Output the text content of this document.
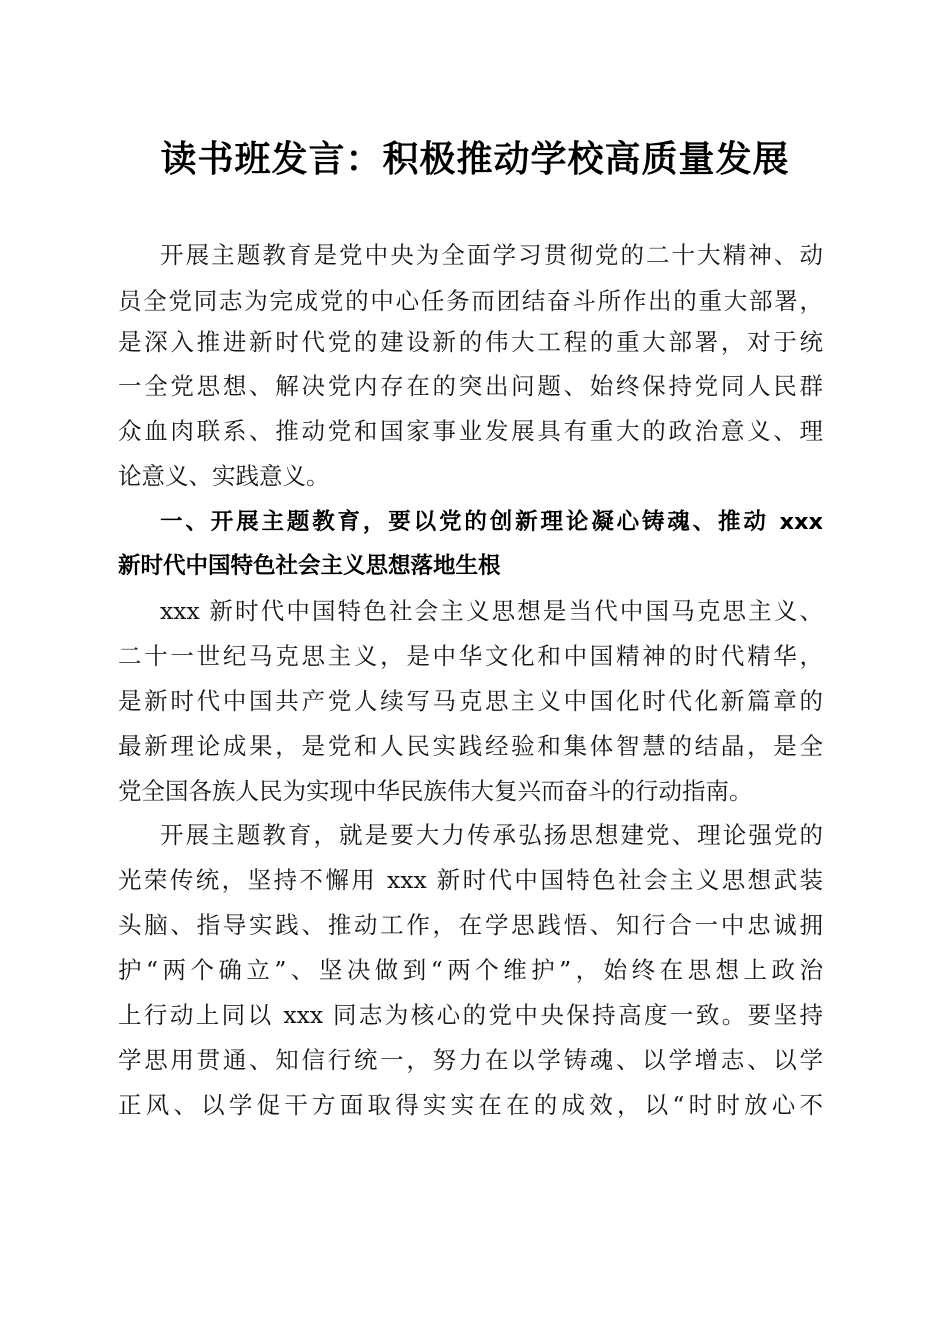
读书班发言：积极推动学校高质量发展

开展主题教育是党中央为全面学习贯彻党的二十大精神、动

员全党同志为完成党的中心任务而团结奋斗所作出的重大部署，

是深入推进新时代党的建设新的伟大工程的重大部署，对于统

一全党思想、解决党内存在的突出问题、始终保持党同人民群

众血肉联系、推动党和国家事业发展具有重大的政治意义、理

论意义、实践意义。

一、开展主题教育，要以党的创新理论凝心铸魂、推动 xxx

新时代中国特色社会主义思想落地生根

xxx 新时代中国特色社会主义思想是当代中国马克思主义、

二十一世纪马克思主义，是中华文化和中国精神的时代精华，

是新时代中国共产党人续写马克思主义中国化时代化新篇章的

最新理论成果，是党和人民实践经验和集体智慧的结晶，是全

党全国各族人民为实现中华民族伟大复兴而奋斗的行动指南。

开展主题教育，就是要大力传承弘扬思想建党、理论强党的

光荣传统，坚持不懈用 xxx 新时代中国特色社会主义思想武装

头脑、指导实践、推动工作，在学思践悟、知行合一中忠诚拥

护“两个确立”、坚决做到“两个维护”，始终在思想上政治

上行动上同以 xxx 同志为核心的党中央保持高度一致。要坚持

学思用贯通、知信行统一，努力在以学铸魂、以学增志、以学

正风、以学促干方面取得实实在在的成效，以“时时放心不
